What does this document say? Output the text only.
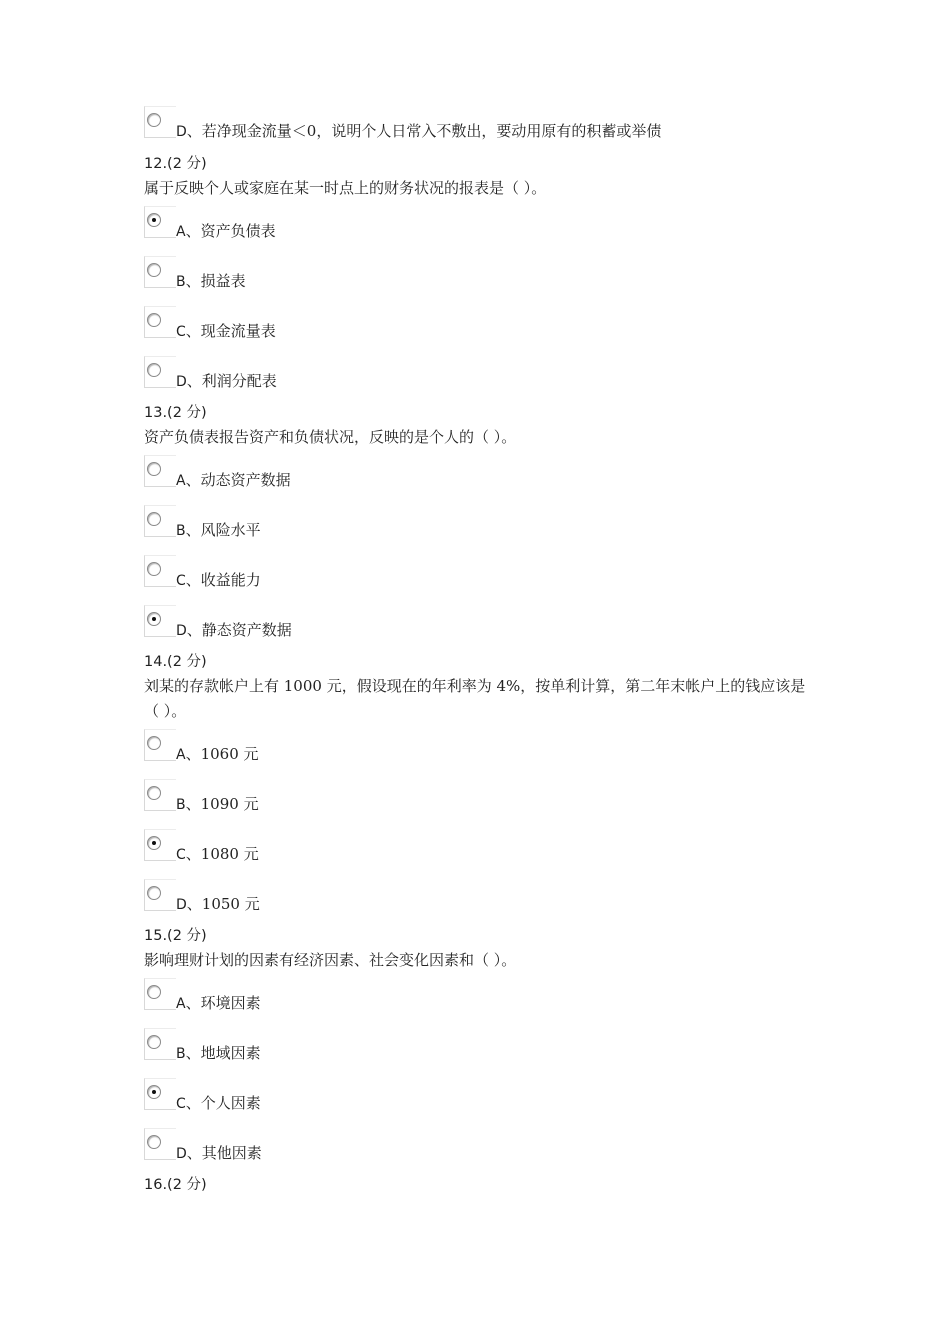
D、若净现金流量＜0，说明个人日常入不敷出，要动用原有的积蓄或举债
12.(2 分)
属于反映个人或家庭在某一时点上的财务状况的报表是（ ）。
A、资产负债表
B、损益表
C、现金流量表
D、利润分配表
13.(2 分)
资产负债表报告资产和负债状况，反映的是个人的（ ）。
A、动态资产数据
B、风险水平
C、收益能力
D、静态资产数据
14.(2 分)
刘某的存款帐户上有 1000 元，假设现在的年利率为 4%，按单利计算，第二年末帐户上的钱应该是（ ）。
A、1060 元
B、1090 元
C、1080 元
D、1050 元
15.(2 分)
影响理财计划的因素有经济因素、社会变化因素和（ ）。
A、环境因素
B、地域因素
C、个人因素
D、其他因素
16.(2 分)
